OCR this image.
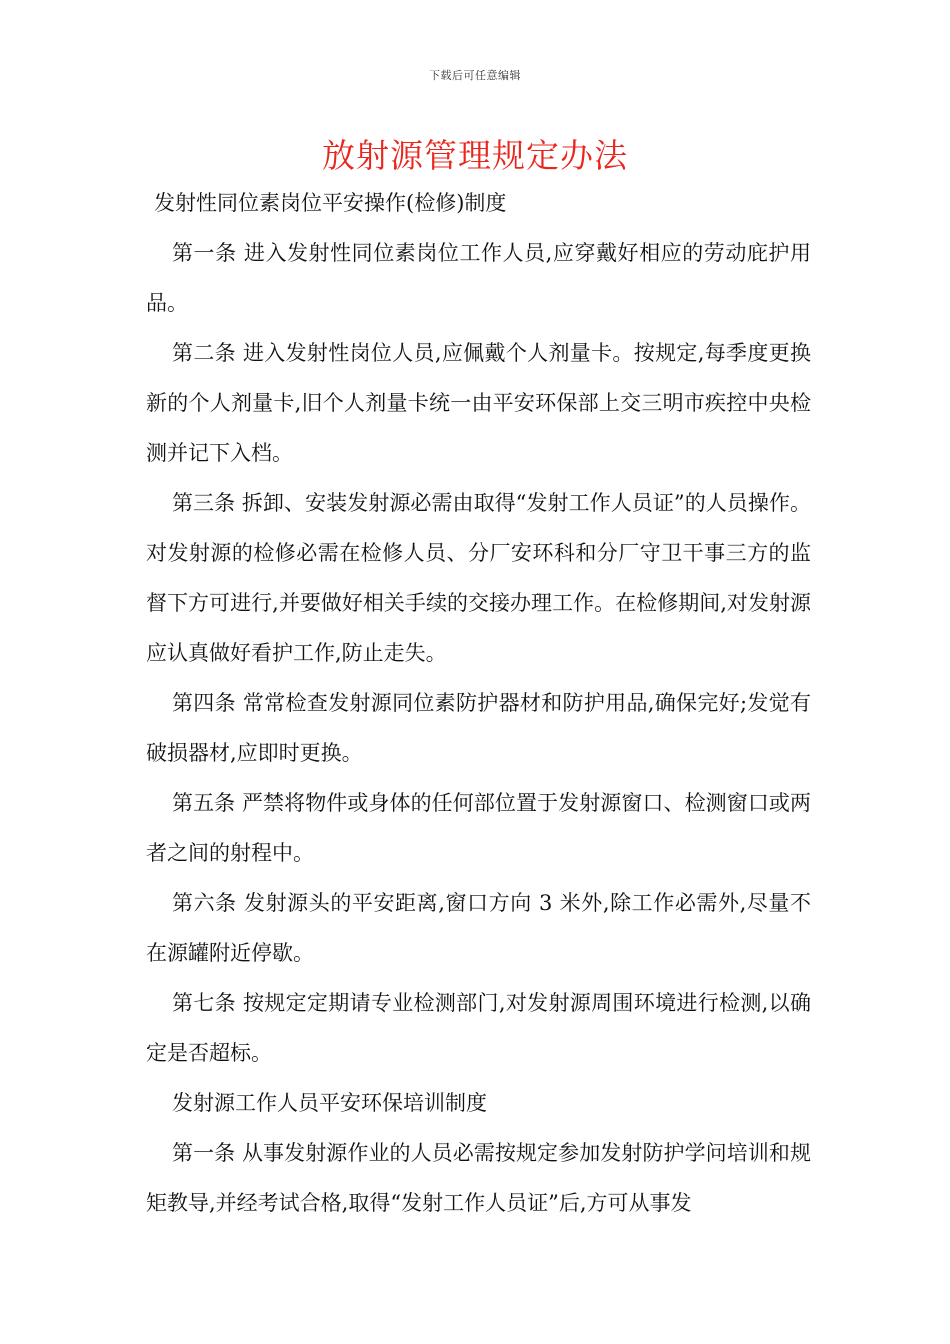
下载后可任意编辑
放射源管理规定办法

发射性同位素岗位平安操作(检修)制度

第一条 进入发射性同位素岗位工作人员,应穿戴好相应的劳动庇护用品。

第二条 进入发射性岗位人员,应佩戴个人剂量卡。按规定,每季度更换新的个人剂量卡,旧个人剂量卡统一由平安环保部上交三明市疾控中央检测并记下入档。

第三条 拆卸、安装发射源必需由取得“发射工作人员证”的人员操作。对发射源的检修必需在检修人员、分厂安环科和分厂守卫干事三方的监督下方可进行,并要做好相关手续的交接办理工作。在检修期间,对发射源应认真做好看护工作,防止走失。

第四条 常常检查发射源同位素防护器材和防护用品,确保完好;发觉有破损器材,应即时更换。

第五条 严禁将物件或身体的任何部位置于发射源窗口、检测窗口或两者之间的射程中。

第六条 发射源头的平安距离,窗口方向 3 米外,除工作必需外,尽量不在源罐附近停歇。

第七条 按规定定期请专业检测部门,对发射源周围环境进行检测,以确定是否超标。

发射源工作人员平安环保培训制度

第一条 从事发射源作业的人员必需按规定参加发射防护学问培训和规矩教导,并经考试合格,取得“发射工作人员证”后,方可从事发
